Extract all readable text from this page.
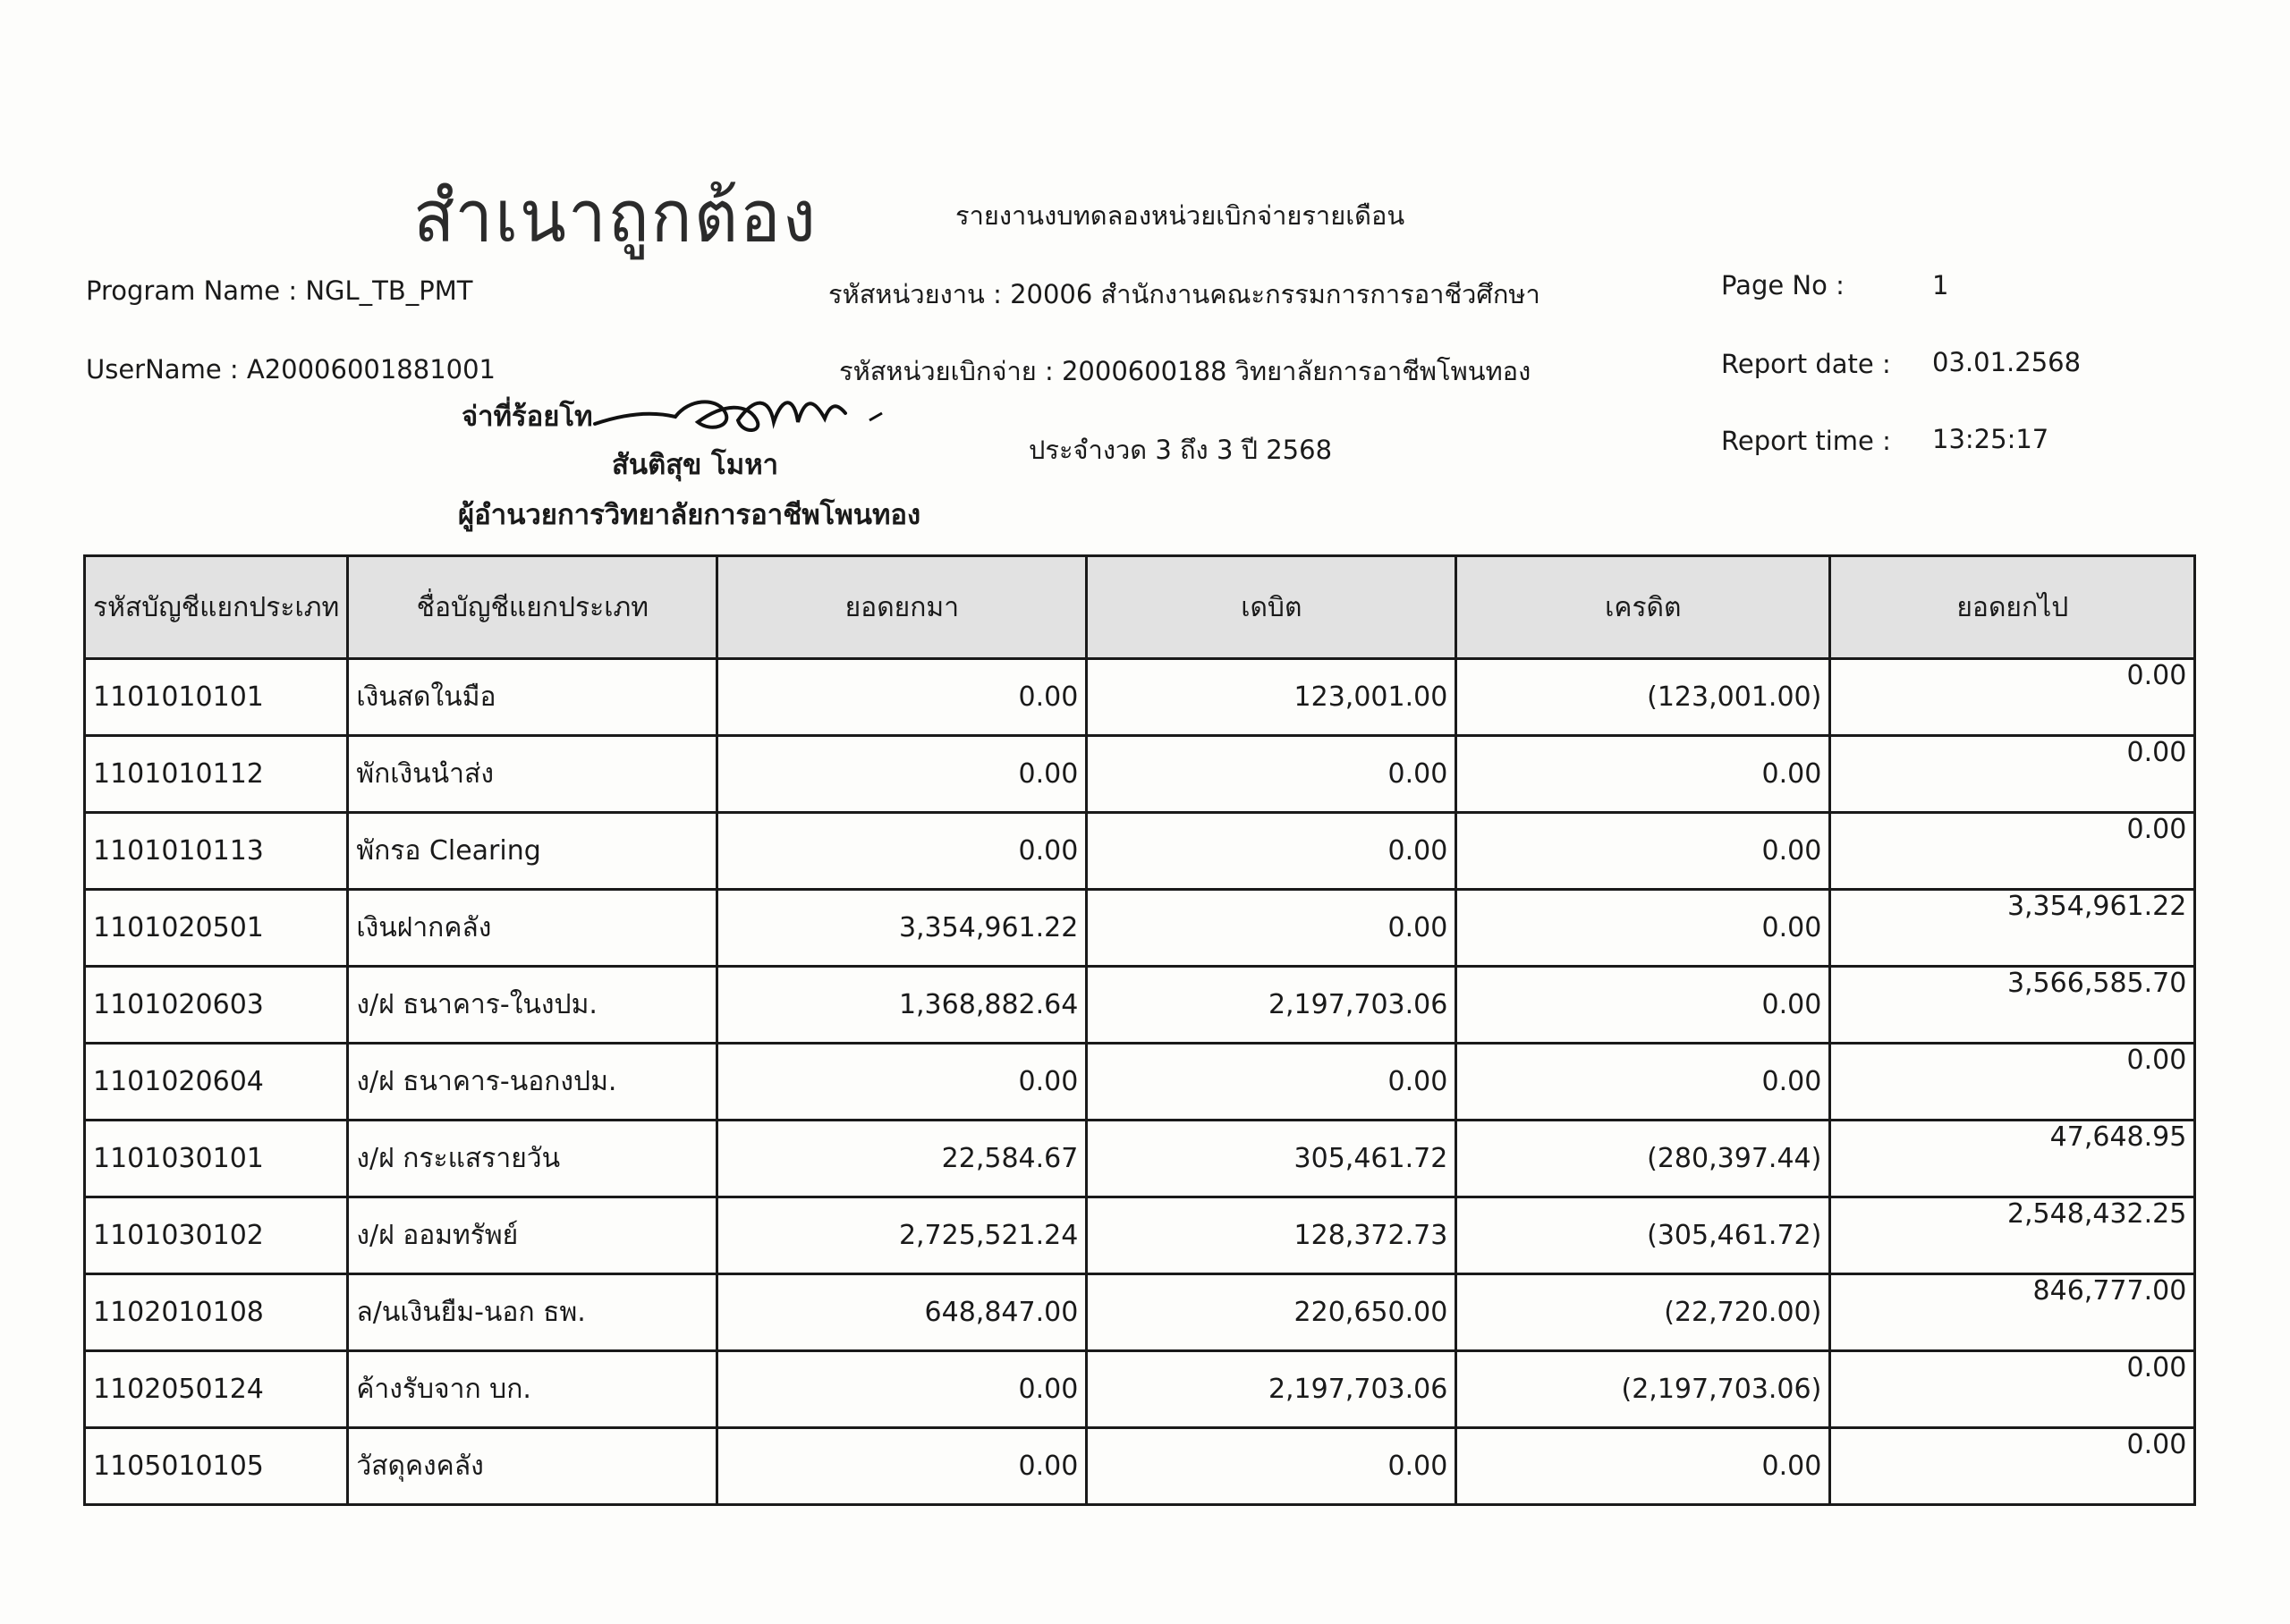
สำเนาถูกต้อง	รายงานงบทดลองหน่วยเบิกจ่ายรายเดือน
Program Name : NGL_TB_PMT
UserName : A20006001881001
รหัสหน่วยงาน : 20006 สำนักงานคณะกรรมการการอาชีวศึกษา
รหัสหน่วยเบิกจ่าย : 2000600188 วิทยาลัยการอาชีพโพนทอง
ประจำงวด 3 ถึง 3 ปี 2568
Page No :	1
Report date : 03.01.2568
Report time : 13:25:17
จ่าที่ร้อยโท
สันติสุข โมหา
ผู้อำนวยการวิทยาลัยการอาชีพโพนทอง
รหัสบัญชีแยกประเภท	ชื่อบัญชีแยกประเภท	ยอดยกมา	เดบิต	เครดิต	ยอดยกไป
1101010101	เงินสดในมือ	0.00	123,001.00	(123,001.00)	0.00
1101010112	พักเงินนำส่ง	0.00	0.00	0.00	0.00
1101010113	พักรอ Clearing	0.00	0.00	0.00	0.00
1101020501	เงินฝากคลัง	3,354,961.22	0.00	0.00	3,354,961.22
1101020603	ง/ฝ ธนาคาร-ในงปม.	1,368,882.64	2,197,703.06	0.00	3,566,585.70
1101020604	ง/ฝ ธนาคาร-นอกงปม.	0.00	0.00	0.00	0.00
1101030101	ง/ฝ กระแสรายวัน	22,584.67	305,461.72	(280,397.44)	47,648.95
1101030102	ง/ฝ ออมทรัพย์	2,725,521.24	128,372.73	(305,461.72)	2,548,432.25
1102010108	ล/นเงินยืม-นอก ธพ.	648,847.00	220,650.00	(22,720.00)	846,777.00
1102050124	ค้างรับจาก บก.	0.00	2,197,703.06	(2,197,703.06)	0.00
1105010105	วัสดุคงคลัง	0.00	0.00	0.00	0.00
